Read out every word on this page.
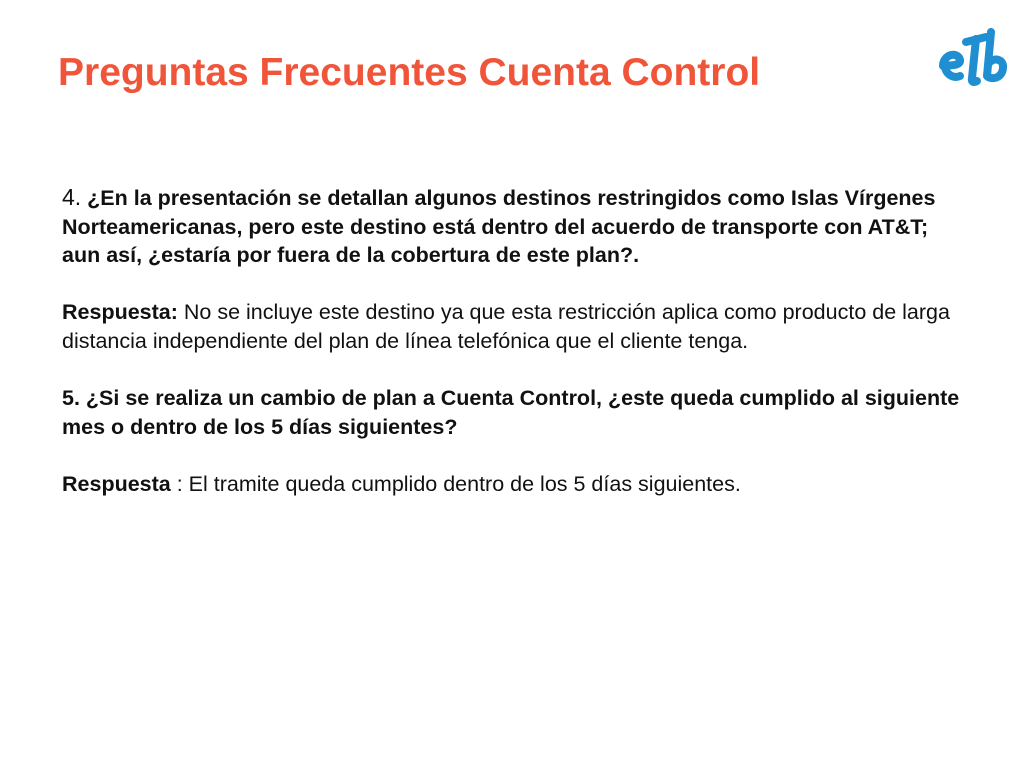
Preguntas Frecuentes Cuenta Control

4. ¿En la presentación se detallan algunos destinos restringidos como Islas Vírgenes Norteamericanas, pero este destino está dentro del acuerdo de transporte con AT&T; aun así, ¿estaría por fuera de la cobertura de este plan?.

Respuesta: No se incluye este destino ya que esta restricción aplica como producto de larga distancia independiente del plan de línea telefónica que el cliente tenga.

5. ¿Si se realiza un cambio de plan a Cuenta Control, ¿este queda cumplido al siguiente mes o dentro de los 5 días siguientes?

Respuesta : El tramite queda cumplido dentro de los 5 días siguientes.
